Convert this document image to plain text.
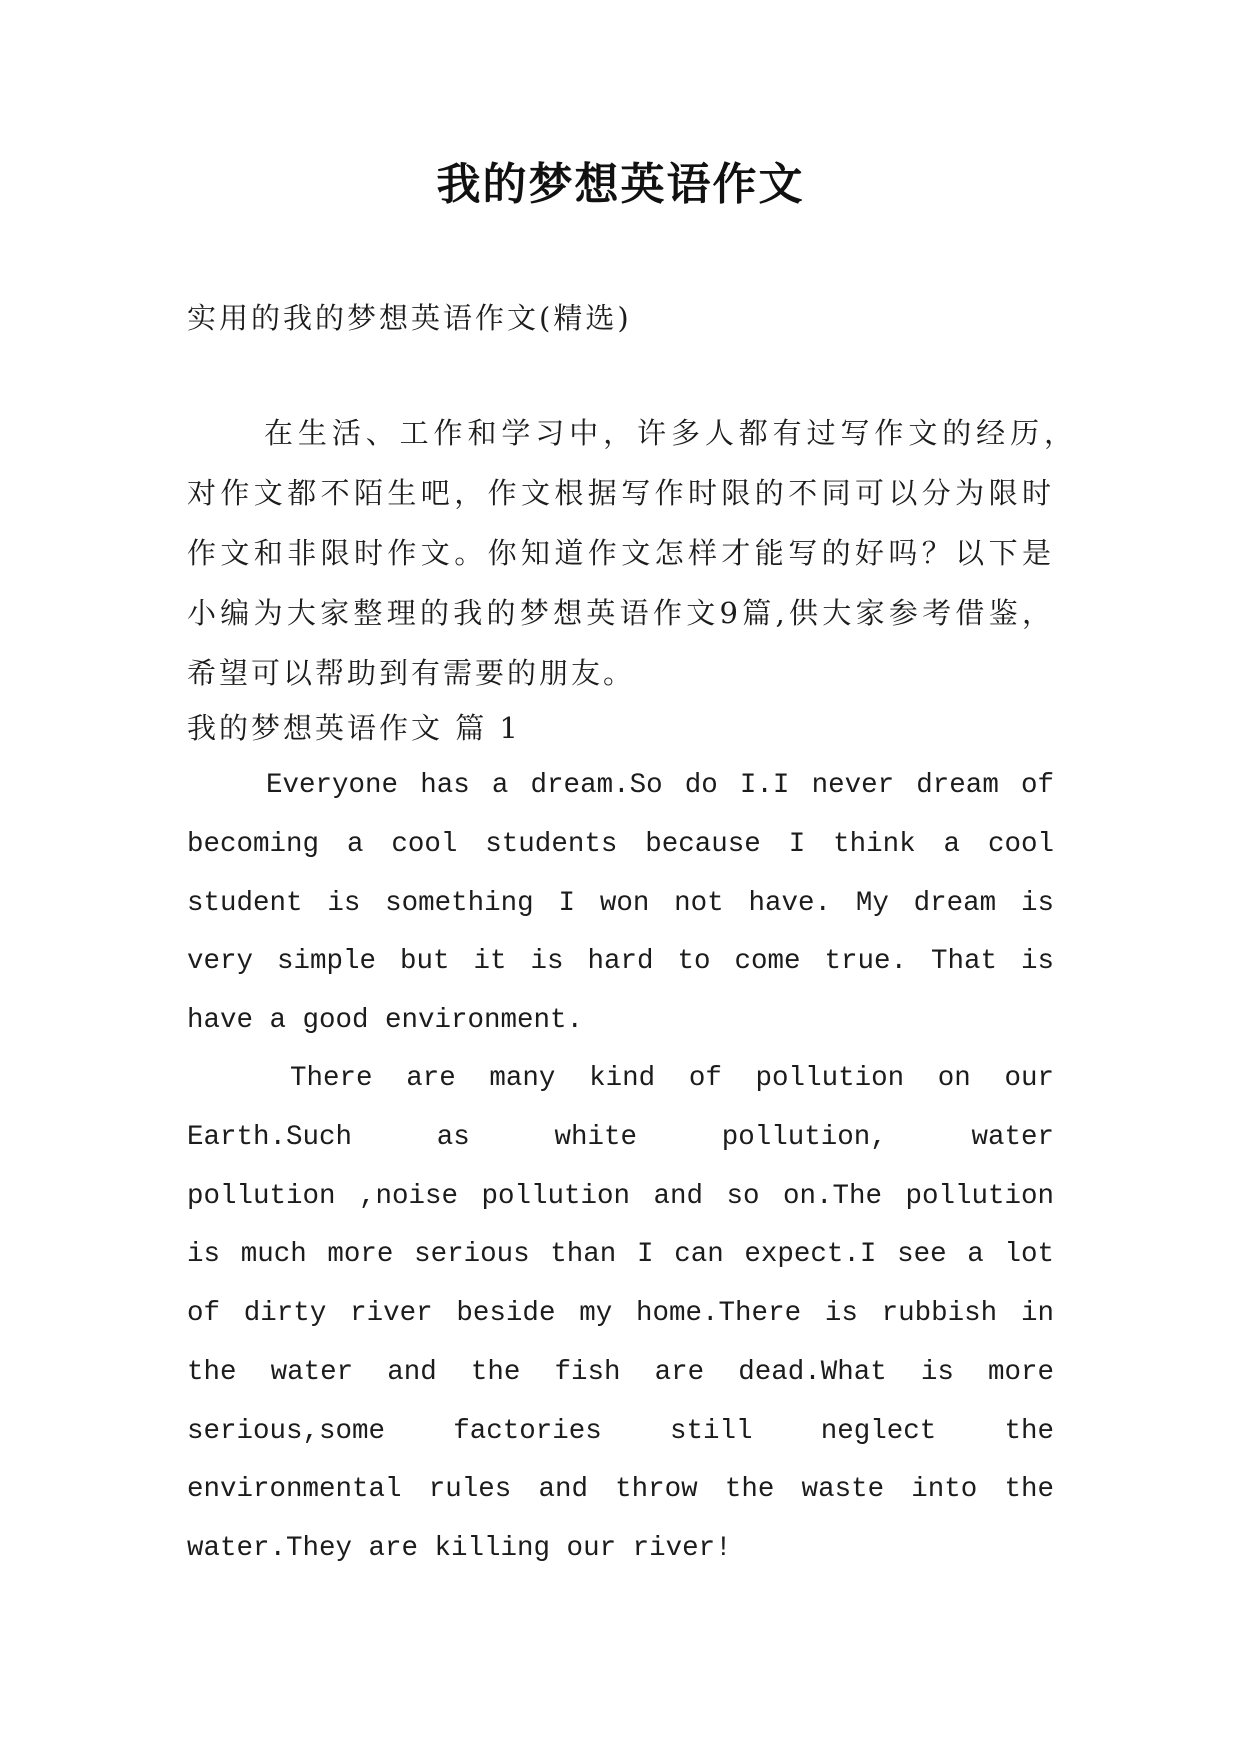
我的梦想英语作文
实用的我的梦想英语作文(精选)
在生活、工作和学习中，许多人都有过写作文的经历，
对作文都不陌生吧，作文根据写作时限的不同可以分为限时
作文和非限时作文。你知道作文怎样才能写的好吗？以下是
小编为大家整理的我的梦想英语作文9篇,供大家参考借鉴，
希望可以帮助到有需要的朋友。
我的梦想英语作文 篇 1
Everyone has a dream.So do I.I never dream of
becoming a cool students because I think a cool
student is something I won not have. My dream is
very simple but it is hard to come true. That is
have a good environment.
There are many kind of pollution on our
Earth.Such as white pollution, water
pollution ,noise pollution and so on.The pollution
is much more serious than I can expect.I see a lot
of dirty river beside my home.There is rubbish in
the water and the fish are dead.What is more
serious,some factories still neglect the
environmental rules and throw the waste into the
water.They are killing our river!
